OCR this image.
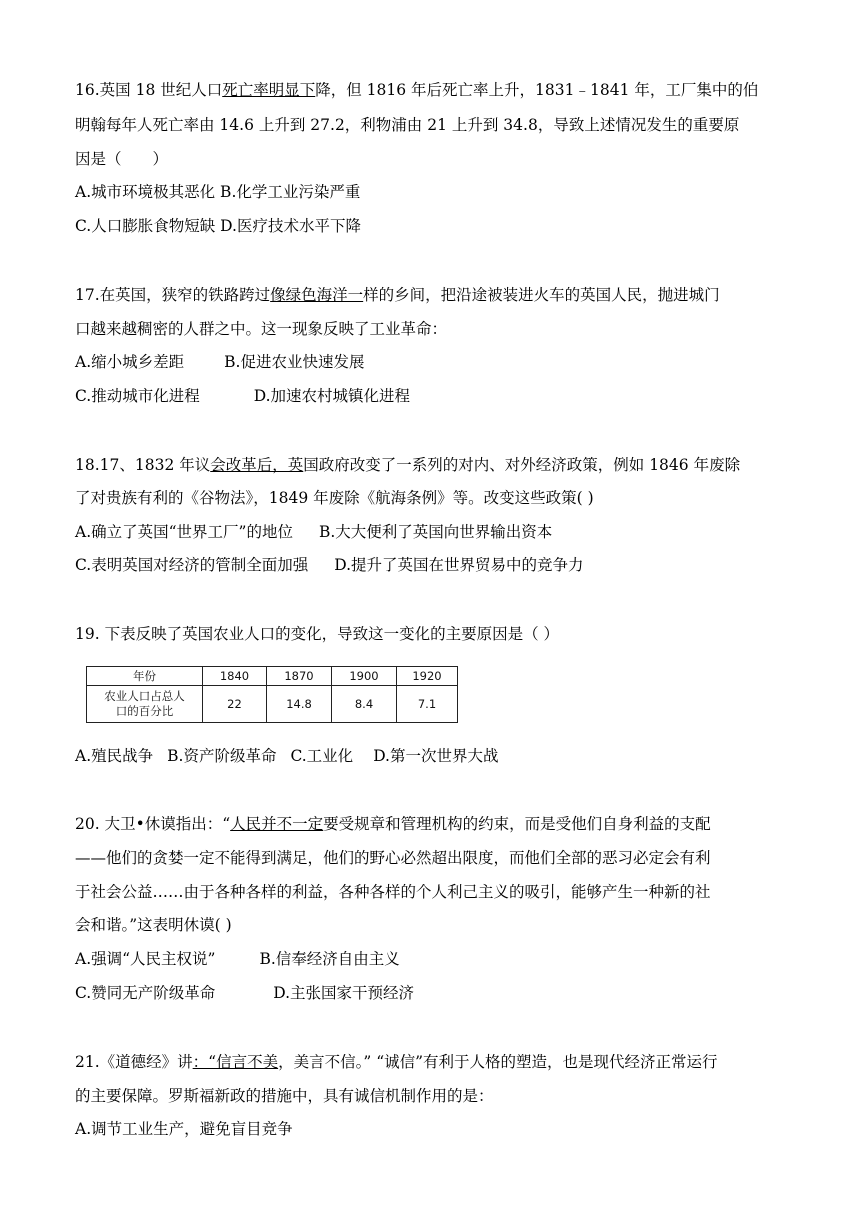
16.英国 18 世纪人口死亡率明显下降，但 1816 年后死亡率上升，1831﹣1841 年，工厂集中的伯
明翰每年人死亡率由 14.6 上升到 27.2，利物浦由 21 上升到 34.8，导致上述情况发生的重要原
因是（　　）
A.城市环境极其恶化 B.化学工业污染严重
C.人口膨胀食物短缺 D.医疗技术水平下降
17.在英国，狭窄的铁路跨过像绿色海洋一样的乡间，把沿途被装进火车的英国人民，抛进城门
口越来越稠密的人群之中。这一现象反映了工业革命：
A.缩小城乡差距	B.促进农业快速发展
C.推动城市化进程	D.加速农村城镇化进程
18.17、1832 年议会改革后，英国政府改变了一系列的对内、对外经济政策，例如 1846 年废除
了对贵族有利的《谷物法》，1849 年废除《航海条例》等。改变这些政策( )
A.确立了英国“世界工厂”的地位 B.大大便利了英国向世界输出资本
C.表明英国对经济的管制全面加强 D.提升了英国在世界贸易中的竞争力
19. 下表反映了英国农业人口的变化，导致这一变化的主要原因是（ ）
年份	1840	1870	1900	1920

农业人口占总人
口的百分比	22	14.8	8.4	7.1
A.殖民战争 B.资产阶级革命 C.工业化 D.第一次世界大战
20. 大卫•休谟指出：“人民并不一定要受规章和管理机构的约束，而是受他们自身利益的支配
——他们的贪婪一定不能得到满足，他们的野心必然超出限度，而他们全部的恶习必定会有利
于社会公益……由于各种各样的利益，各种各样的个人利己主义的吸引，能够产生一种新的社
会和谐。”这表明休谟( )
A.强调“人民主权说”	B.信奉经济自由主义
C.赞同无产阶级革命	D.主张国家干预经济
21.《道德经》讲：“信言不美，美言不信。” “诚信”有利于人格的塑造，也是现代经济正常运行
的主要保障。罗斯福新政的措施中，具有诚信机制作用的是：
A.调节工业生产，避免盲目竞争
